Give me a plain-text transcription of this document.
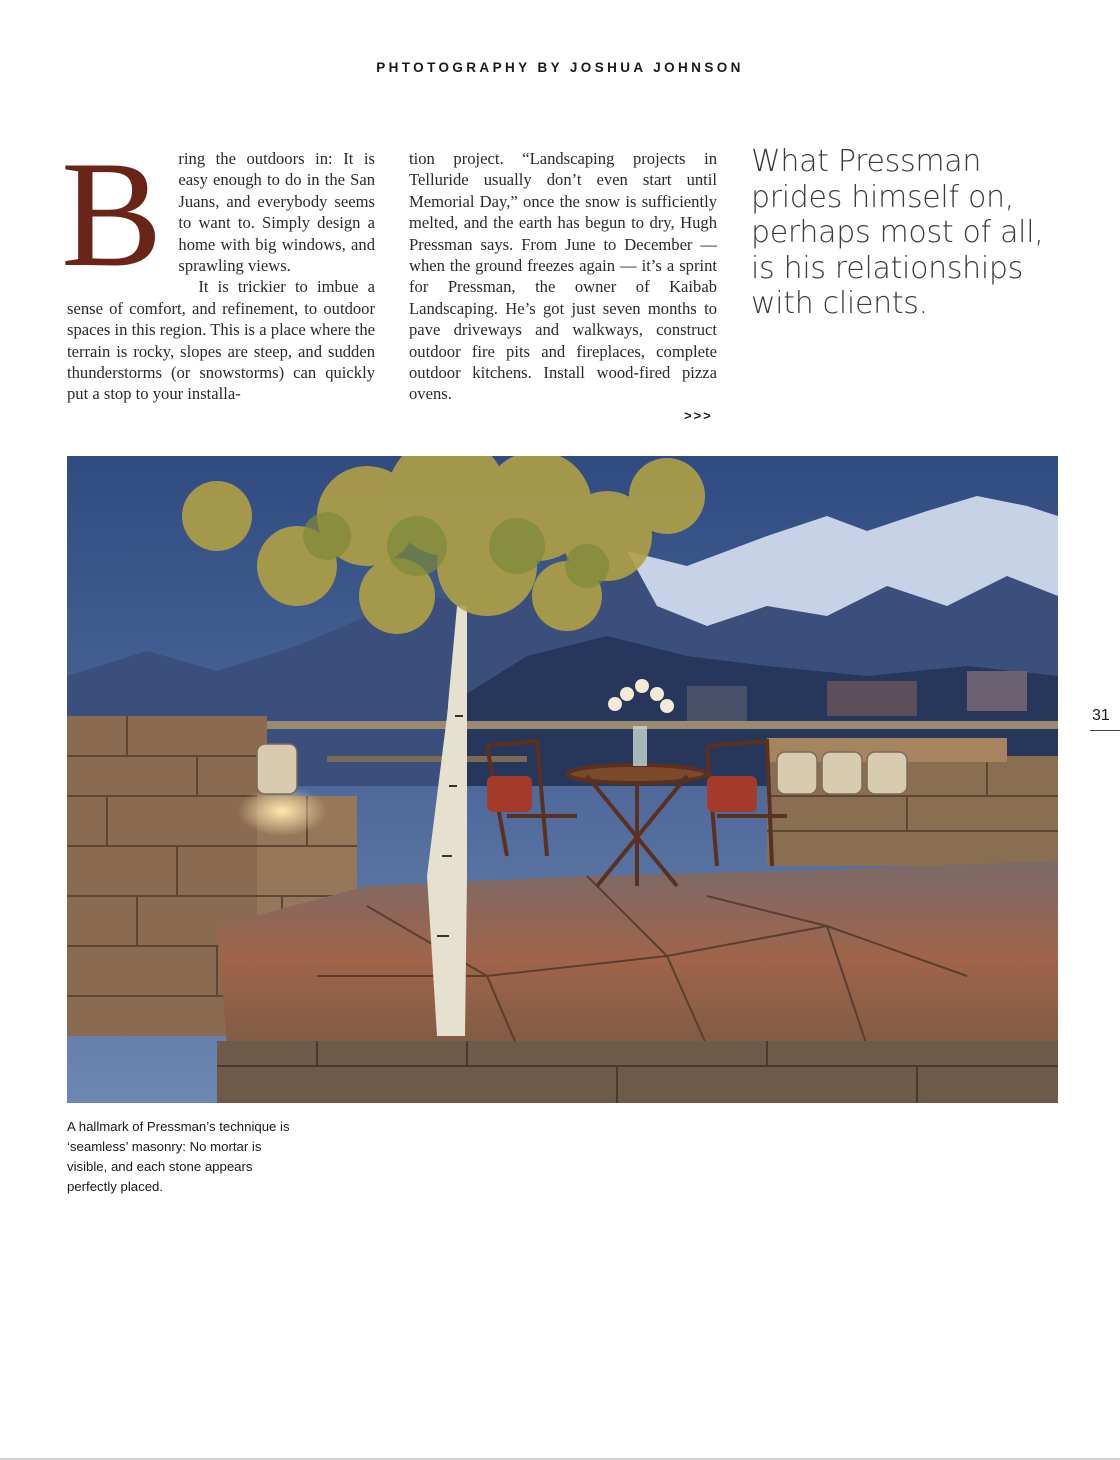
PHTOTOGRAPHY BY JOSHUA JOHNSON
B ring the outdoors in: It is easy enough to do in the San Juans, and everybody seems to want to. Simply design a home with big windows, and sprawling views.

It is trickier to imbue a sense of comfort, and refinement, to outdoor spaces in this region. This is a place where the terrain is rocky, slopes are steep, and sudden thunderstorms (or snowstorms) can quickly put a stop to your installa-

tion project. “Landscaping projects in Telluride usually don’t even start until Memorial Day,” once the snow is sufficiently melted, and the earth has begun to dry, Hugh Pressman says. From June to December — when the ground freezes again — it’s a sprint for Pressman, the owner of Kaibab Landscaping. He’s got just seven months to pave driveways and walkways, construct outdoor fire pits and fireplaces, complete outdoor kitchens. Install wood-fired pizza ovens.

>>>
What Pressman prides himself on, perhaps most of all, is his relationships with clients.
A hallmark of Pressman’s technique is ‘seamless’ masonry: No mortar is visible, and each stone appears perfectly placed.
31
